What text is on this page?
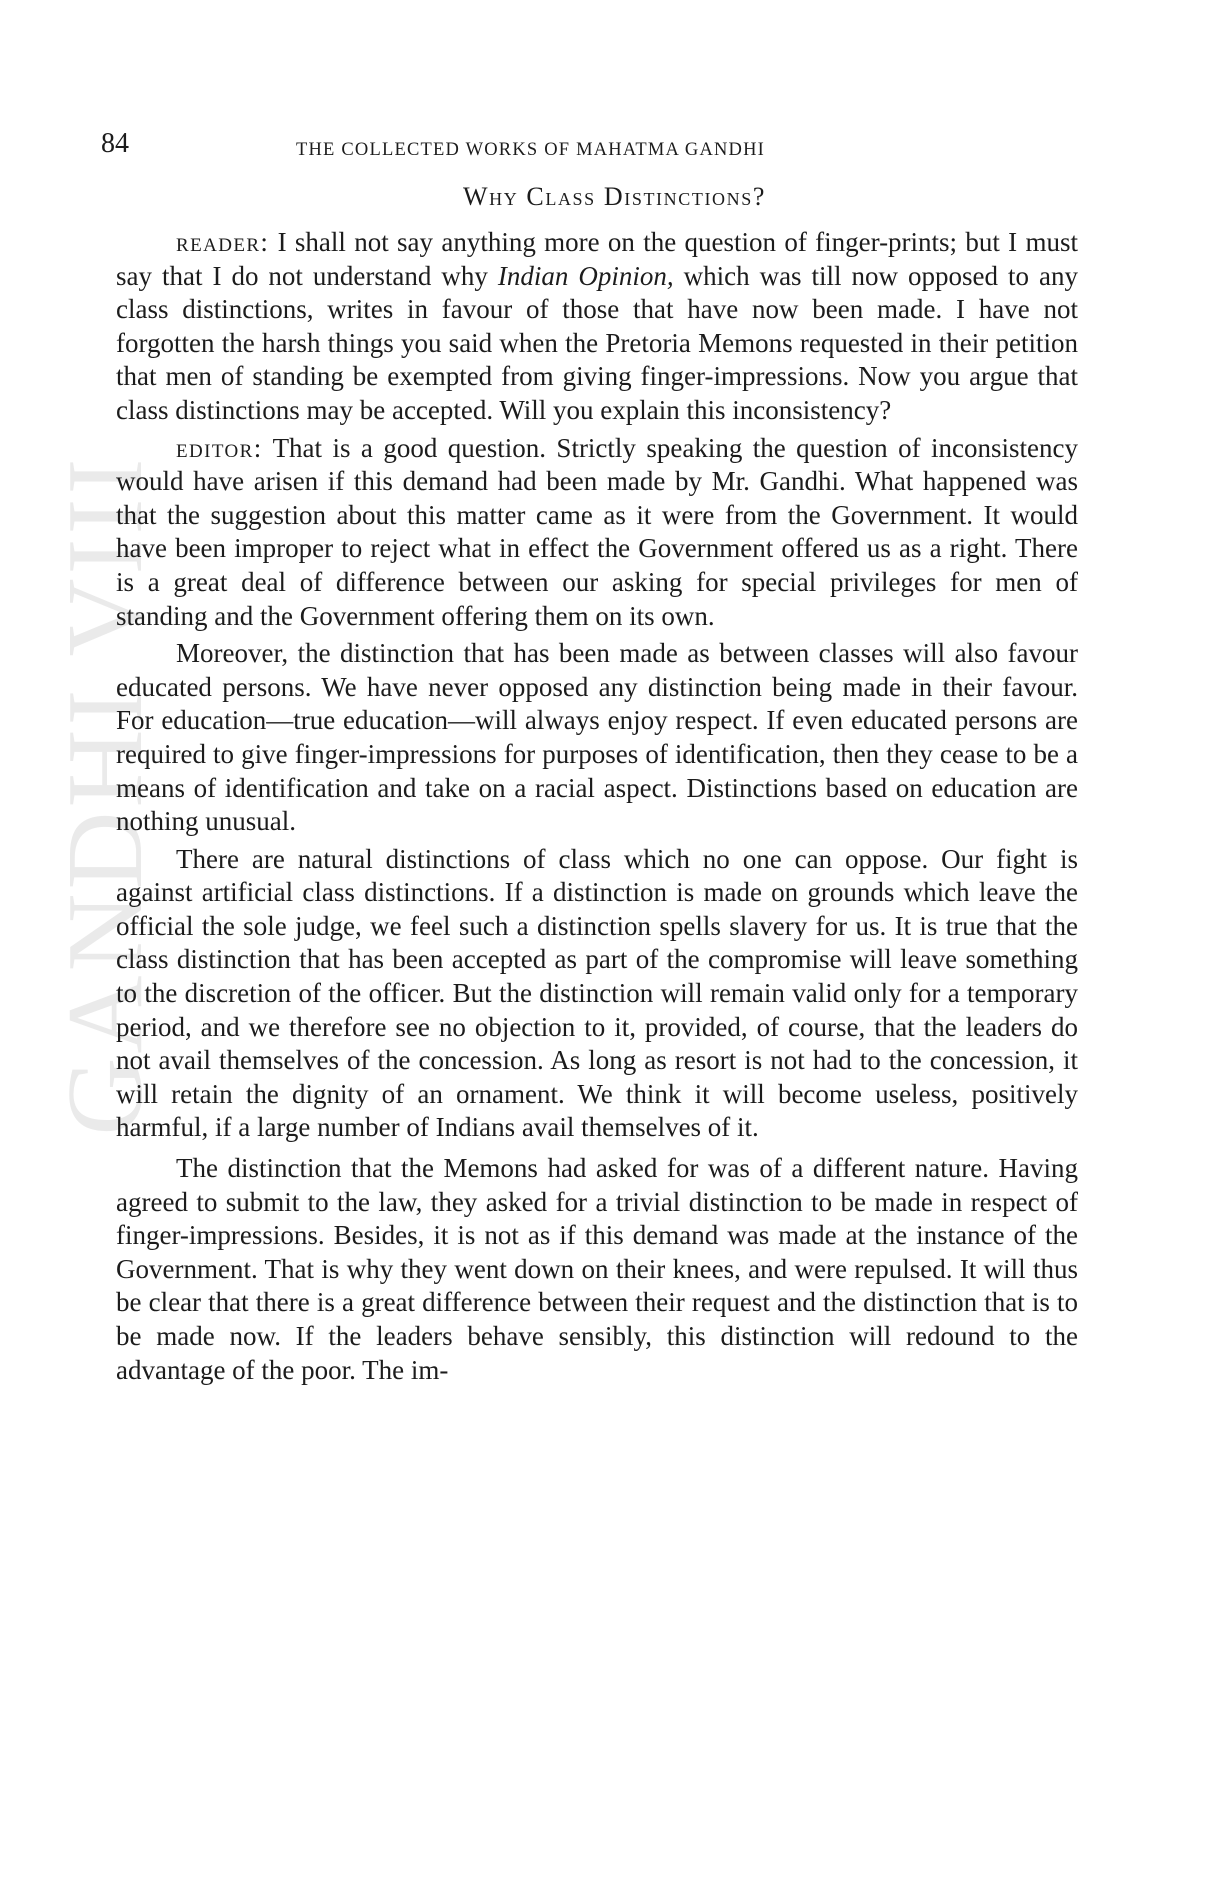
GANDHI VIII
84	THE COLLECTED WORKS OF MAHATMA GANDHI
Why Class Distinctions?

reader: I shall not say anything more on the question of finger-prints; but I must say that I do not understand why Indian Opinion, which was till now opposed to any class distinctions, writes in favour of those that have now been made. I have not forgotten the harsh things you said when the Pretoria Memons requested in their petition that men of standing be exempted from giving finger-impressions. Now you argue that class distinctions may be accepted. Will you explain this inconsistency?

editor: That is a good question. Strictly speaking the question of inconsistency would have arisen if this demand had been made by Mr. Gandhi. What happened was that the suggestion about this matter came as it were from the Government. It would have been improper to reject what in effect the Government offered us as a right. There is a great deal of difference between our asking for special privileges for men of standing and the Government offering them on its own.

Moreover, the distinction that has been made as between classes will also favour educated persons. We have never opposed any distinction being made in their favour. For education—true education—will always enjoy respect. If even educated persons are required to give finger-impressions for purposes of identification, then they cease to be a means of identification and take on a racial aspect. Distinctions based on education are nothing unusual.

There are natural distinctions of class which no one can oppose. Our fight is against artificial class distinctions. If a distinction is made on grounds which leave the official the sole judge, we feel such a distinction spells slavery for us. It is true that the class distinction that has been accepted as part of the compromise will leave something to the discretion of the officer. But the distinction will remain valid only for a temporary period, and we therefore see no objection to it, provided, of course, that the leaders do not avail themselves of the concession. As long as resort is not had to the concession, it will retain the dignity of an ornament. We think it will become useless, positively harmful, if a large number of Indians avail themselves of it.

The distinction that the Memons had asked for was of a different nature. Having agreed to submit to the law, they asked for a trivial distinction to be made in respect of finger-impressions. Besides, it is not as if this demand was made at the instance of the Government. That is why they went down on their knees, and were repulsed. It will thus be clear that there is a great difference between their request and the distinction that is to be made now. If the leaders behave sensibly, this distinction will redound to the advantage of the poor. The im-
